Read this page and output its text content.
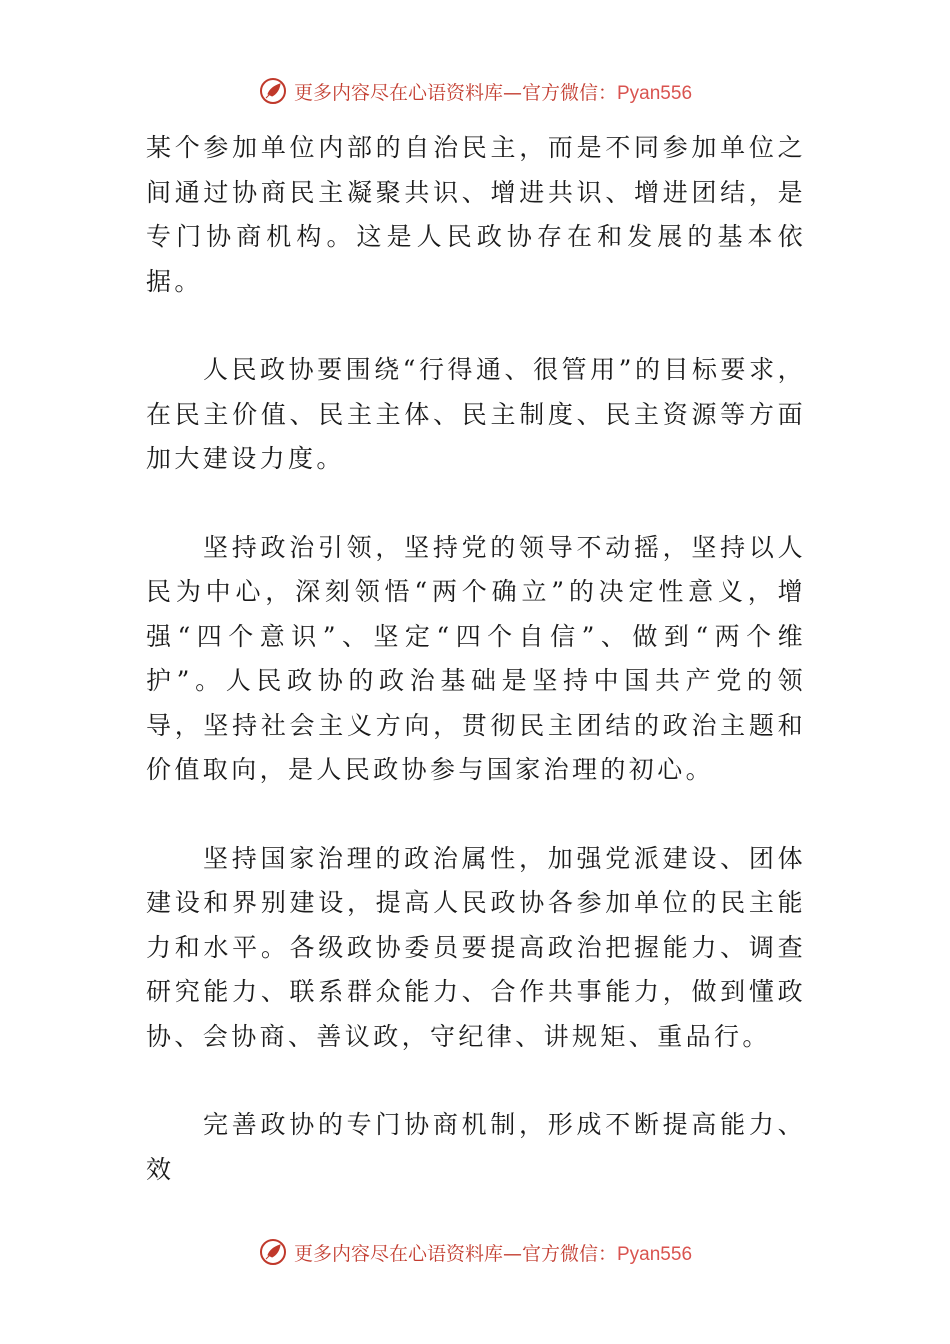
更多内容尽在心语资料库—官方微信：Pyan556

某个参加单位内部的自治民主，而是不同参加单位之间通过协商民主凝聚共识、增进共识、增进团结，是专门协商机构。这是人民政协存在和发展的基本依据。

人民政协要围绕“行得通、很管用”的目标要求，在民主价值、民主主体、民主制度、民主资源等方面加大建设力度。

坚持政治引领，坚持党的领导不动摇，坚持以人民为中心，深刻领悟“两个确立”的决定性意义，增强“四个意识”、坚定“四个自信”、做到“两个维护”。人民政协的政治基础是坚持中国共产党的领导，坚持社会主义方向，贯彻民主团结的政治主题和价值取向，是人民政协参与国家治理的初心。

坚持国家治理的政治属性，加强党派建设、团体建设和界别建设，提高人民政协各参加单位的民主能力和水平。各级政协委员要提高政治把握能力、调查研究能力、联系群众能力、合作共事能力，做到懂政协、会协商、善议政，守纪律、讲规矩、重品行。

完善政协的专门协商机制，形成不断提高能力、效

更多内容尽在心语资料库—官方微信：Pyan556
